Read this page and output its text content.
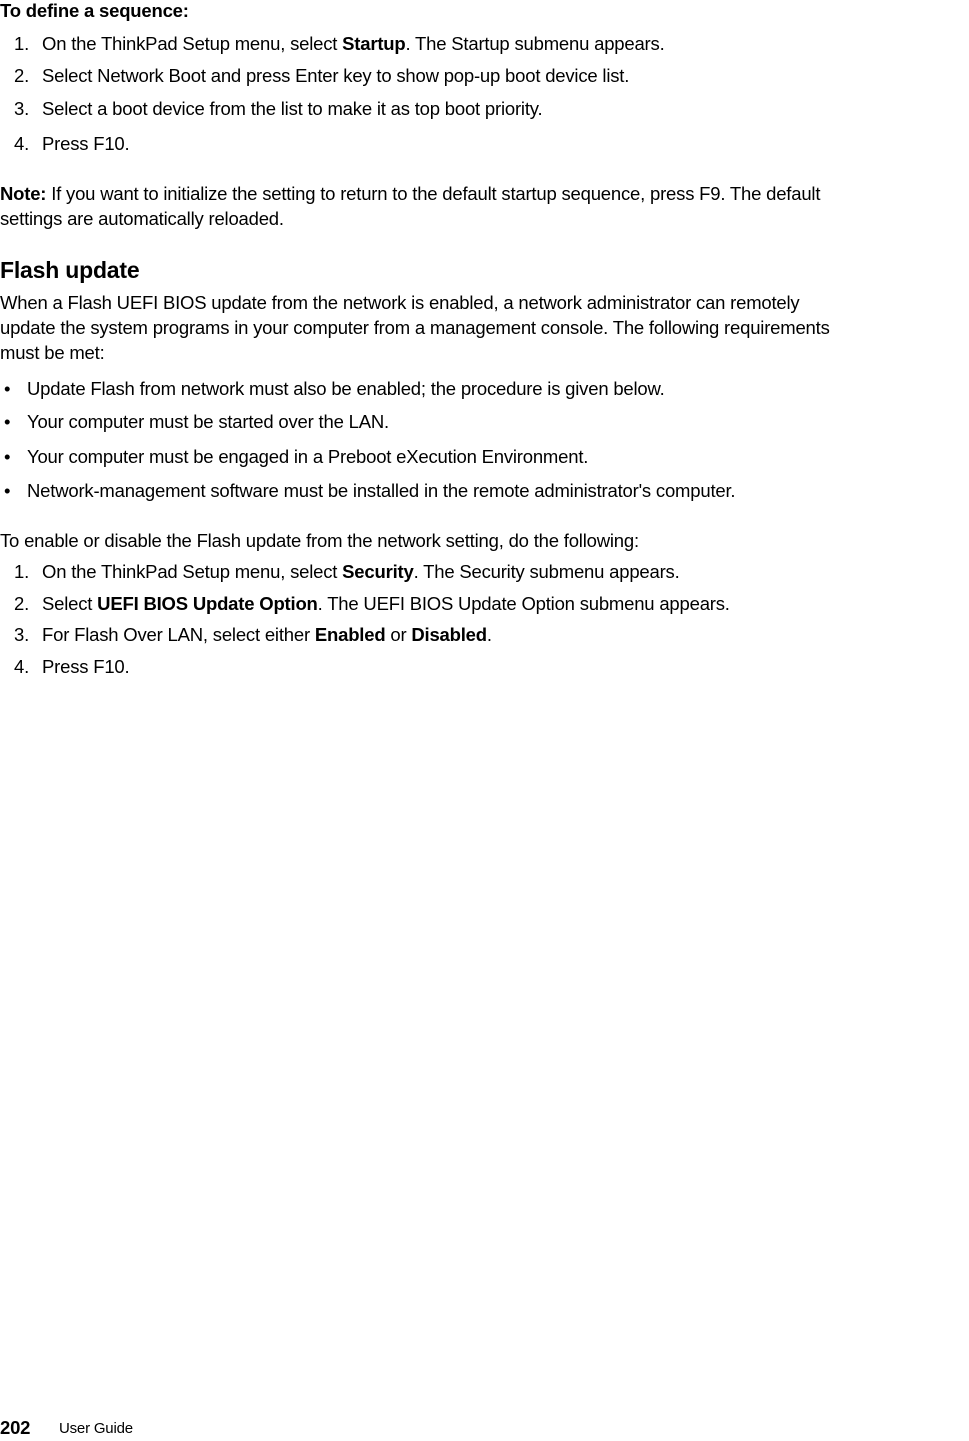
To define a sequence:
1. On the ThinkPad Setup menu, select Startup. The Startup submenu appears.
2. Select Network Boot and press Enter key to show pop-up boot device list.
3. Select a boot device from the list to make it as top boot priority.
4. Press F10.
Note: If you want to initialize the setting to return to the default startup sequence, press F9. The default
settings are automatically reloaded.
Flash update
When a Flash UEFI BIOS update from the network is enabled, a network administrator can remotely
update the system programs in your computer from a management console. The following requirements
must be met:
• Update Flash from network must also be enabled; the procedure is given below.
• Your computer must be started over the LAN.
• Your computer must be engaged in a Preboot eXecution Environment.
• Network-management software must be installed in the remote administrator's computer.
To enable or disable the Flash update from the network setting, do the following:
1. On the ThinkPad Setup menu, select Security. The Security submenu appears.
2. Select UEFI BIOS Update Option. The UEFI BIOS Update Option submenu appears.
3. For Flash Over LAN, select either Enabled or Disabled.
4. Press F10.
202 User Guide
